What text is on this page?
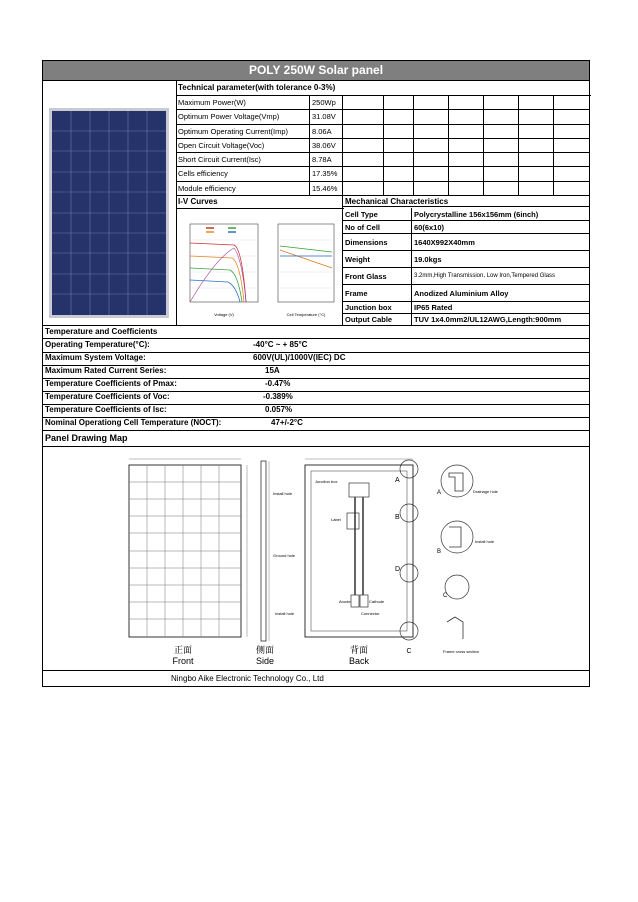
POLY 250W Solar panel
Technical parameter(with tolerance 0-3%)
Maximum Power(W)	250Wp
Optimum Power Voltage(Vmp)	31.08V
Optimum Operating Current(Imp)	8.06A
Open Circuit Voltage(Voc)	38.06V
Short Circuit Current(Isc)	8.78A
Cells efficiency	17.35%
Module efficiency	15.46%
I-V Curves
Voltage (V)	Cell Temperature (°C)
Mechanical Characteristics
Cell Type	Polycrystalline 156x156mm (6inch)
No of Cell	60(6x10)
Dimensions	1640X992X40mm
Weight	19.0kgs
Front Glass	3.2mm,High Transmission, Low Iron,Tempered Glass
Frame	Anodized Aluminium Alloy
Junction box	IP65 Rated
Output Cable	TUV 1x4.0mm2/UL12AWG,Length:900mm
Temperature and Coefficients
Operating Temperature(°C):	-40°C ~ + 85°C
Maximum System Voltage:	600V(UL)/1000V(IEC) DC
Maximum Rated Current Series:	15A
Temperature Coefficients of Pmax:	-0.47%
Temperature Coefficients of Voc:	-0.389%
Temperature Coefficients of Isc:	0.057%
Nominal Operationg Cell Temperature (NOCT):	47+/-2°C
Panel Drawing Map
A
B
D
C
A
B
C
Junction box
Label
Install hole
Ground hole
Install hole
Anode	Cathode
Connector
Drainage hole
Install hole
Frame cross section
正面
Front
侧面
Side
背面
Back
Ningbo Aike Electronic Technology Co., Ltd
